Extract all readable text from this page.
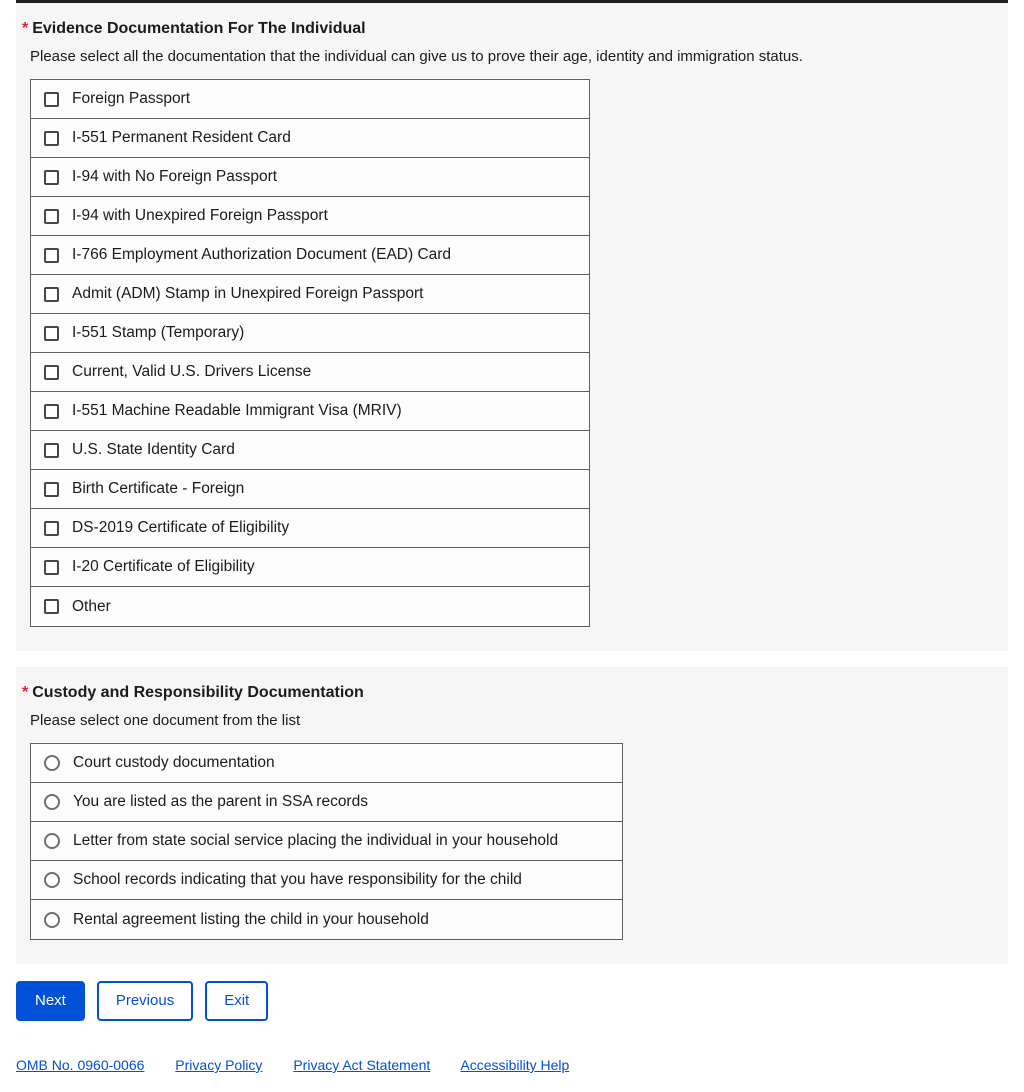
* Evidence Documentation For The Individual

Please select all the documentation that the individual can give us to prove their age, identity and immigration status.

Foreign Passport
I-551 Permanent Resident Card
I-94 with No Foreign Passport
I-94 with Unexpired Foreign Passport
I-766 Employment Authorization Document (EAD) Card
Admit (ADM) Stamp in Unexpired Foreign Passport
I-551 Stamp (Temporary)
Current, Valid U.S. Drivers License
I-551 Machine Readable Immigrant Visa (MRIV)
U.S. State Identity Card
Birth Certificate - Foreign
DS-2019 Certificate of Eligibility
I-20 Certificate of Eligibility
Other
* Custody and Responsibility Documentation

Please select one document from the list

Court custody documentation
You are listed as the parent in SSA records
Letter from state social service placing the individual in your household
School records indicating that you have responsibility for the child
Rental agreement listing the child in your household
Next	Previous	Exit
OMB No. 0960-0066 Privacy Policy Privacy Act Statement Accessibility Help
